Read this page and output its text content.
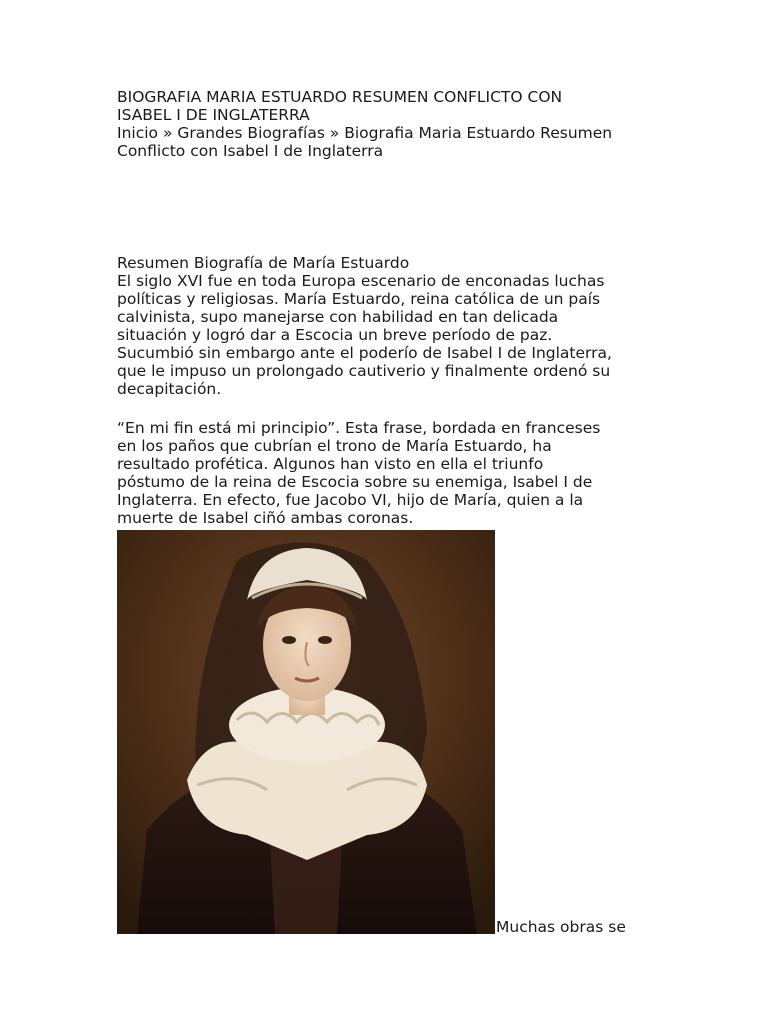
BIOGRAFIA MARIA ESTUARDO RESUMEN CONFLICTO CON
ISABEL I DE INGLATERRA
Inicio » Grandes Biografías » Biografia Maria Estuardo Resumen
Conflicto con Isabel I de Inglaterra
Resumen Biografía de María Estuardo
El siglo XVI fue en toda Europa escenario de enconadas luchas
políticas y religiosas. María Estuardo, reina católica de un país
calvinista, supo manejarse con habilidad en tan delicada
situación y logró dar a Escocia un breve período de paz.
Sucumbió sin embargo ante el poderío de Isabel I de Inglaterra,
que le impuso un prolongado cautiverio y finalmente ordenó su
decapitación.
“En mi fin está mi principio”. Esta frase, bordada en franceses
en los paños que cubrían el trono de María Estuardo, ha
resultado profética. Algunos han visto en ella el triunfo
póstumo de la reina de Escocia sobre su enemiga, Isabel I de
Inglaterra. En efecto, fue Jacobo VI, hijo de María, quien a la
muerte de Isabel ciñó ambas coronas.
Muchas obras se
